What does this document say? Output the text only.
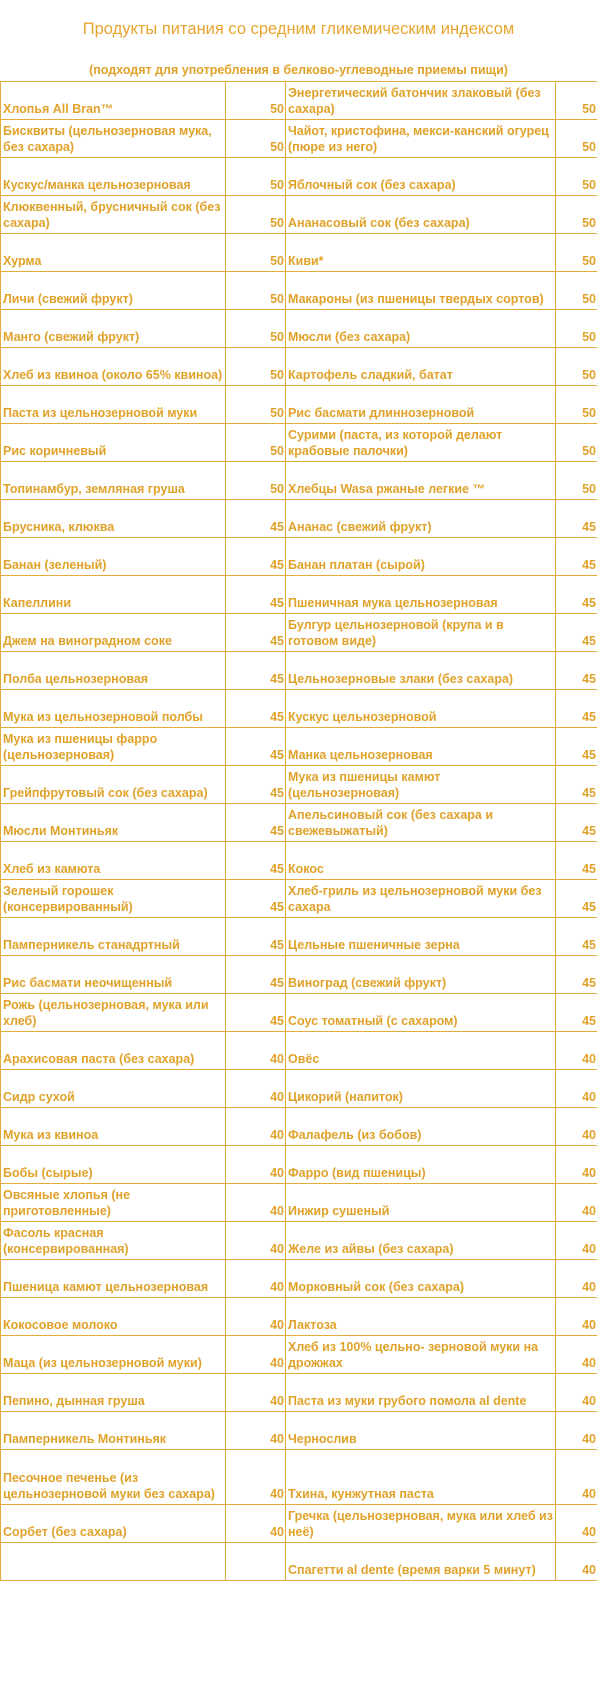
Продукты питания со средним гликемическим индексом
(подходят для употребления в белково-углеводные приемы пищи)
Хлопья All Bran™	50	Энергетический батончик злаковый (без сахара)	50
Бисквиты (цельнозерновая мука, без сахара)	50	Чайот, кристофина, мекси-канский огурец (пюре из него)	50
Кускус/манка цельнозерновая	50	Яблочный сок (без сахара)	50
Клюквенный, брусничный сок (без сахара)	50	Ананасовый сок (без сахара)	50
Хурма	50	Киви*	50
Личи (свежий фрукт)	50	Макароны (из пшеницы твердых сортов)	50
Манго (свежий фрукт)	50	Мюсли (без сахара)	50
Хлеб из квиноа (около 65% квиноа)	50	Картофель сладкий, батат	50
Паста из цельнозерновой муки	50	Рис басмати длиннозерновой	50
Рис коричневый	50	Сурими (паста, из которой делают крабовые палочки)	50
Топинамбур, земляная груша	50	Хлебцы Wasa ржаные легкие ™	50
Брусника, клюква	45	Ананас (свежий фрукт)	45
Банан (зеленый)	45	Банан платан (сырой)	45
Капеллини	45	Пшеничная мука цельнозерновая	45
Джем на виноградном соке	45	Булгур цельнозерновой (крупа и в готовом виде)	45
Полба цельнозерновая	45	Цельнозерновые злаки (без сахара)	45
Мука из цельнозерновой полбы	45	Кускус цельнозерновой	45
Мука из пшеницы фарро (цельнозерновая)	45	Манка цельнозерновая	45
Грейпфрутовый сок (без сахара)	45	Мука из пшеницы камют (цельнозерновая)	45
Мюсли Монтиньяк	45	Апельсиновый сок (без сахара и свежевыжатый)	45
Хлеб из камюта	45	Кокос	45
Зеленый горошек (консервированный)	45	Хлеб-гриль из цельнозерновой муки без сахара	45
Памперникель станадртный	45	Цельные пшеничные зерна	45
Рис басмати неочищенный	45	Виноград (свежий фрукт)	45
Рожь (цельнозерновая, мука или хлеб)	45	Соус томатный (с сахаром)	45
Арахисовая паста (без сахара)	40	Овёс	40
Сидр сухой	40	Цикорий (напиток)	40
Мука из квиноа	40	Фалафель (из бобов)	40
Бобы (сырые)	40	Фарро (вид пшеницы)	40
Овсяные хлопья (не приготовленные)	40	Инжир сушеный	40
Фасоль красная (консервированная)	40	Желе из айвы (без сахара)	40
Пшеница камют цельнозерновая	40	Морковный сок (без сахара)	40
Кокосовое молоко	40	Лактоза	40
Маца (из цельнозерновой муки)	40	Хлеб из 100% цельно- зерновой муки на дрожжах	40
Пепино, дынная груша	40	Паста из муки грубого помола al dente	40
Памперникель Монтиньяк	40	Чернослив	40
Песочное печенье (из цельнозерновой муки без сахара)	40	Тхина, кунжутная паста	40
Сорбет (без сахара)	40	Гречка (цельнозерновая, мука или хлеб из неё)	40
		Спагетти al dente (время варки 5 минут)	40
